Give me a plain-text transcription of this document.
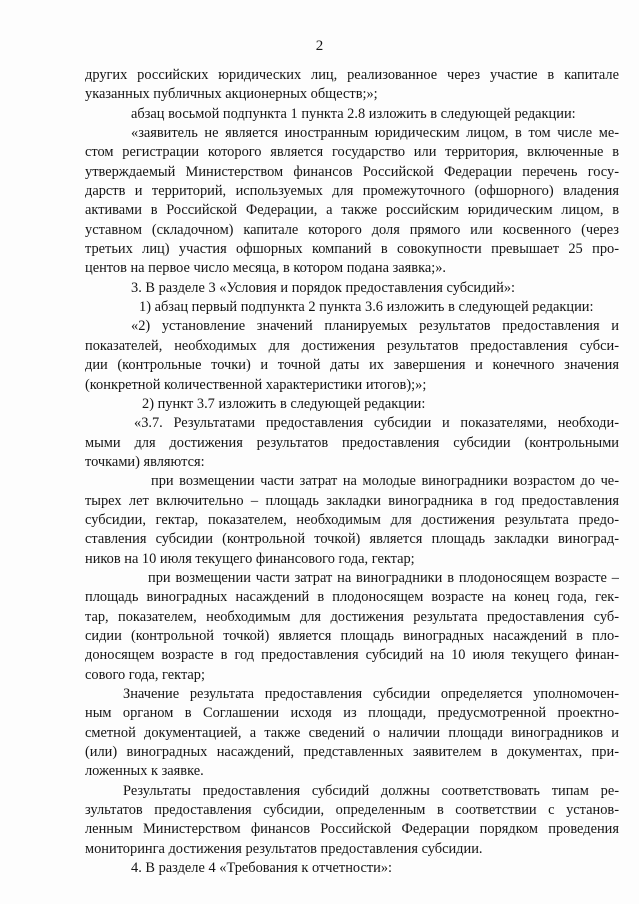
2
других российских юридических лиц, реализованное через участие в капитале
указанных публичных акционерных обществ;»;
абзац восьмой подпункта 1 пункта 2.8 изложить в следующей редакции:
«заявитель не является иностранным юридическим лицом, в том числе ме-
стом регистрации которого является государство или территория, включенные в
утверждаемый Министерством финансов Российской Федерации перечень госу-
дарств и территорий, используемых для промежуточного (офшорного) владения
активами в Российской Федерации, а также российским юридическим лицом, в
уставном (складочном) капитале которого доля прямого или косвенного (через
третьих лиц) участия офшорных компаний в совокупности превышает 25 про-
центов на первое число месяца, в котором подана заявка;».
3. В разделе 3 «Условия и порядок предоставления субсидий»:
1) абзац первый подпункта 2 пункта 3.6 изложить в следующей редакции:
«2) установление значений планируемых результатов предоставления и
показателей, необходимых для достижения результатов предоставления субси-
дии (контрольные точки) и точной даты их завершения и конечного значения
(конкретной количественной характеристики итогов);»;
2) пункт 3.7 изложить в следующей редакции:
«3.7. Результатами предоставления субсидии и показателями, необходи-
мыми для достижения результатов предоставления субсидии (контрольными
точками) являются:
при возмещении части затрат на молодые виноградники возрастом до че-
тырех лет включительно – площадь закладки виноградника в год предоставления
субсидии, гектар, показателем, необходимым для достижения результата предо-
ставления субсидии (контрольной точкой) является площадь закладки виноград-
ников на 10 июля текущего финансового года, гектар;
при возмещении части затрат на виноградники в плодоносящем возрасте –
площадь виноградных насаждений в плодоносящем возрасте на конец года, гек-
тар, показателем, необходимым для достижения результата предоставления суб-
сидии (контрольной точкой) является площадь виноградных насаждений в пло-
доносящем возрасте в год предоставления субсидий на 10 июля текущего финан-
сового года, гектар;
Значение результата предоставления субсидии определяется уполномочен-
ным органом в Соглашении исходя из площади, предусмотренной проектно-
сметной документацией, а также сведений о наличии площади виноградников и
(или) виноградных насаждений, представленных заявителем в документах, при-
ложенных к заявке.
Результаты предоставления субсидий должны соответствовать типам ре-
зультатов предоставления субсидии, определенным в соответствии с установ-
ленным Министерством финансов Российской Федерации порядком проведения
мониторинга достижения результатов предоставления субсидии.
4. В разделе 4 «Требования к отчетности»:
